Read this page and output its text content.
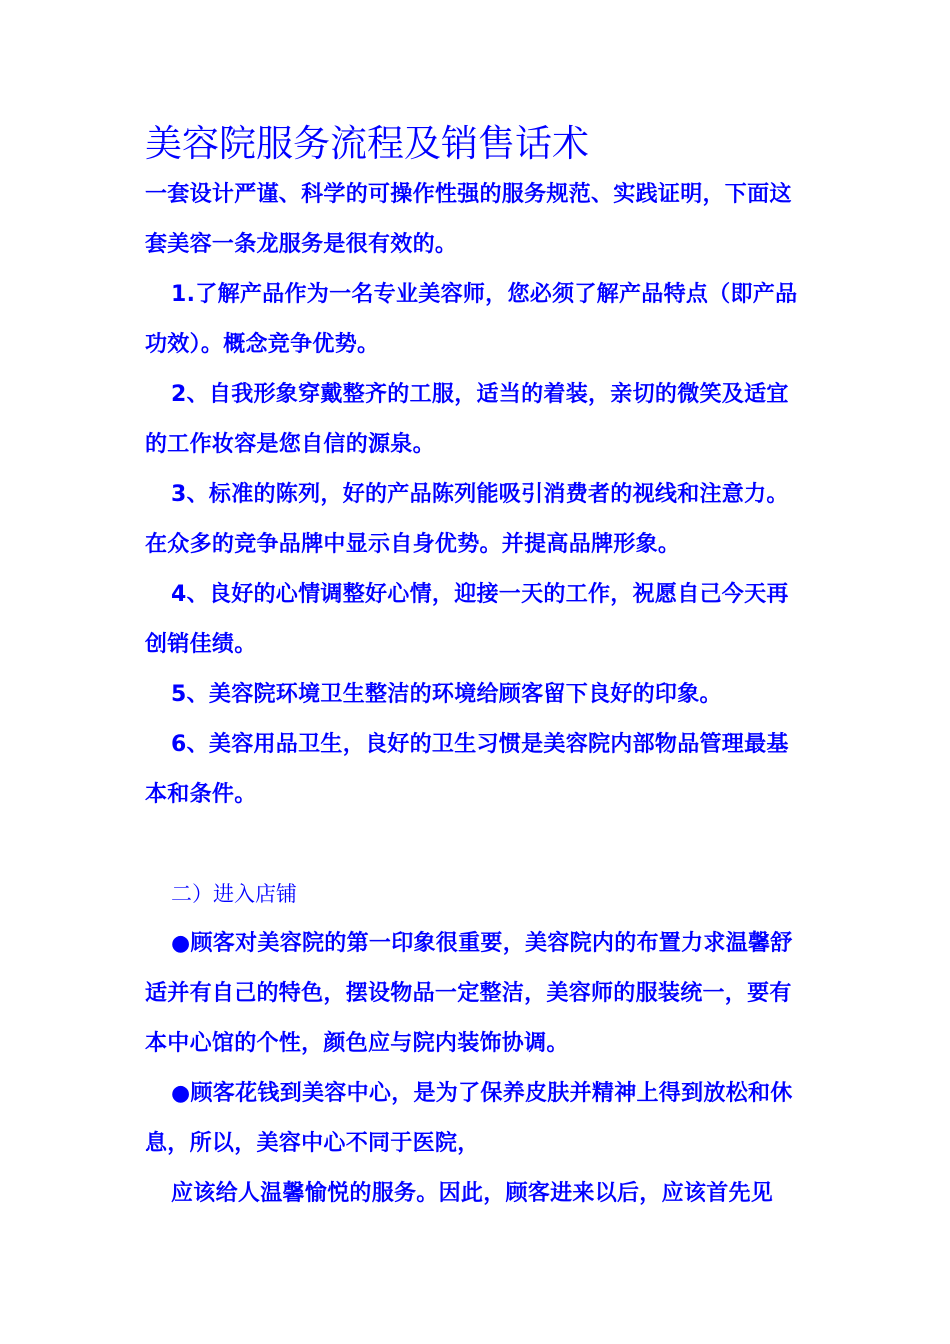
美容院服务流程及销售话术

一套设计严谨、科学的可操作性强的服务规范、实践证明，下面这套美容一条龙服务是很有效的。

1.了解产品作为一名专业美容师，您必须了解产品特点（即产品功效）。概念竞争优势。

2、自我形象穿戴整齐的工服，适当的着装，亲切的微笑及适宜的工作妆容是您自信的源泉。

3、标准的陈列，好的产品陈列能吸引消费者的视线和注意力。在众多的竞争品牌中显示自身优势。并提高品牌形象。

4、良好的心情调整好心情，迎接一天的工作，祝愿自己今天再创销佳绩。

5、美容院环境卫生整洁的环境给顾客留下良好的印象。

6、美容用品卫生，良好的卫生习惯是美容院内部物品管理最基本和条件。

二）进入店铺

●顾客对美容院的第一印象很重要，美容院内的布置力求温馨舒适并有自己的特色，摆设物品一定整洁，美容师的服装统一，要有本中心馆的个性，颜色应与院内装饰协调。

●顾客花钱到美容中心，是为了保养皮肤并精神上得到放松和休息，所以，美容中心不同于医院，

应该给人温馨愉悦的服务。因此，顾客进来以后，应该首先见
